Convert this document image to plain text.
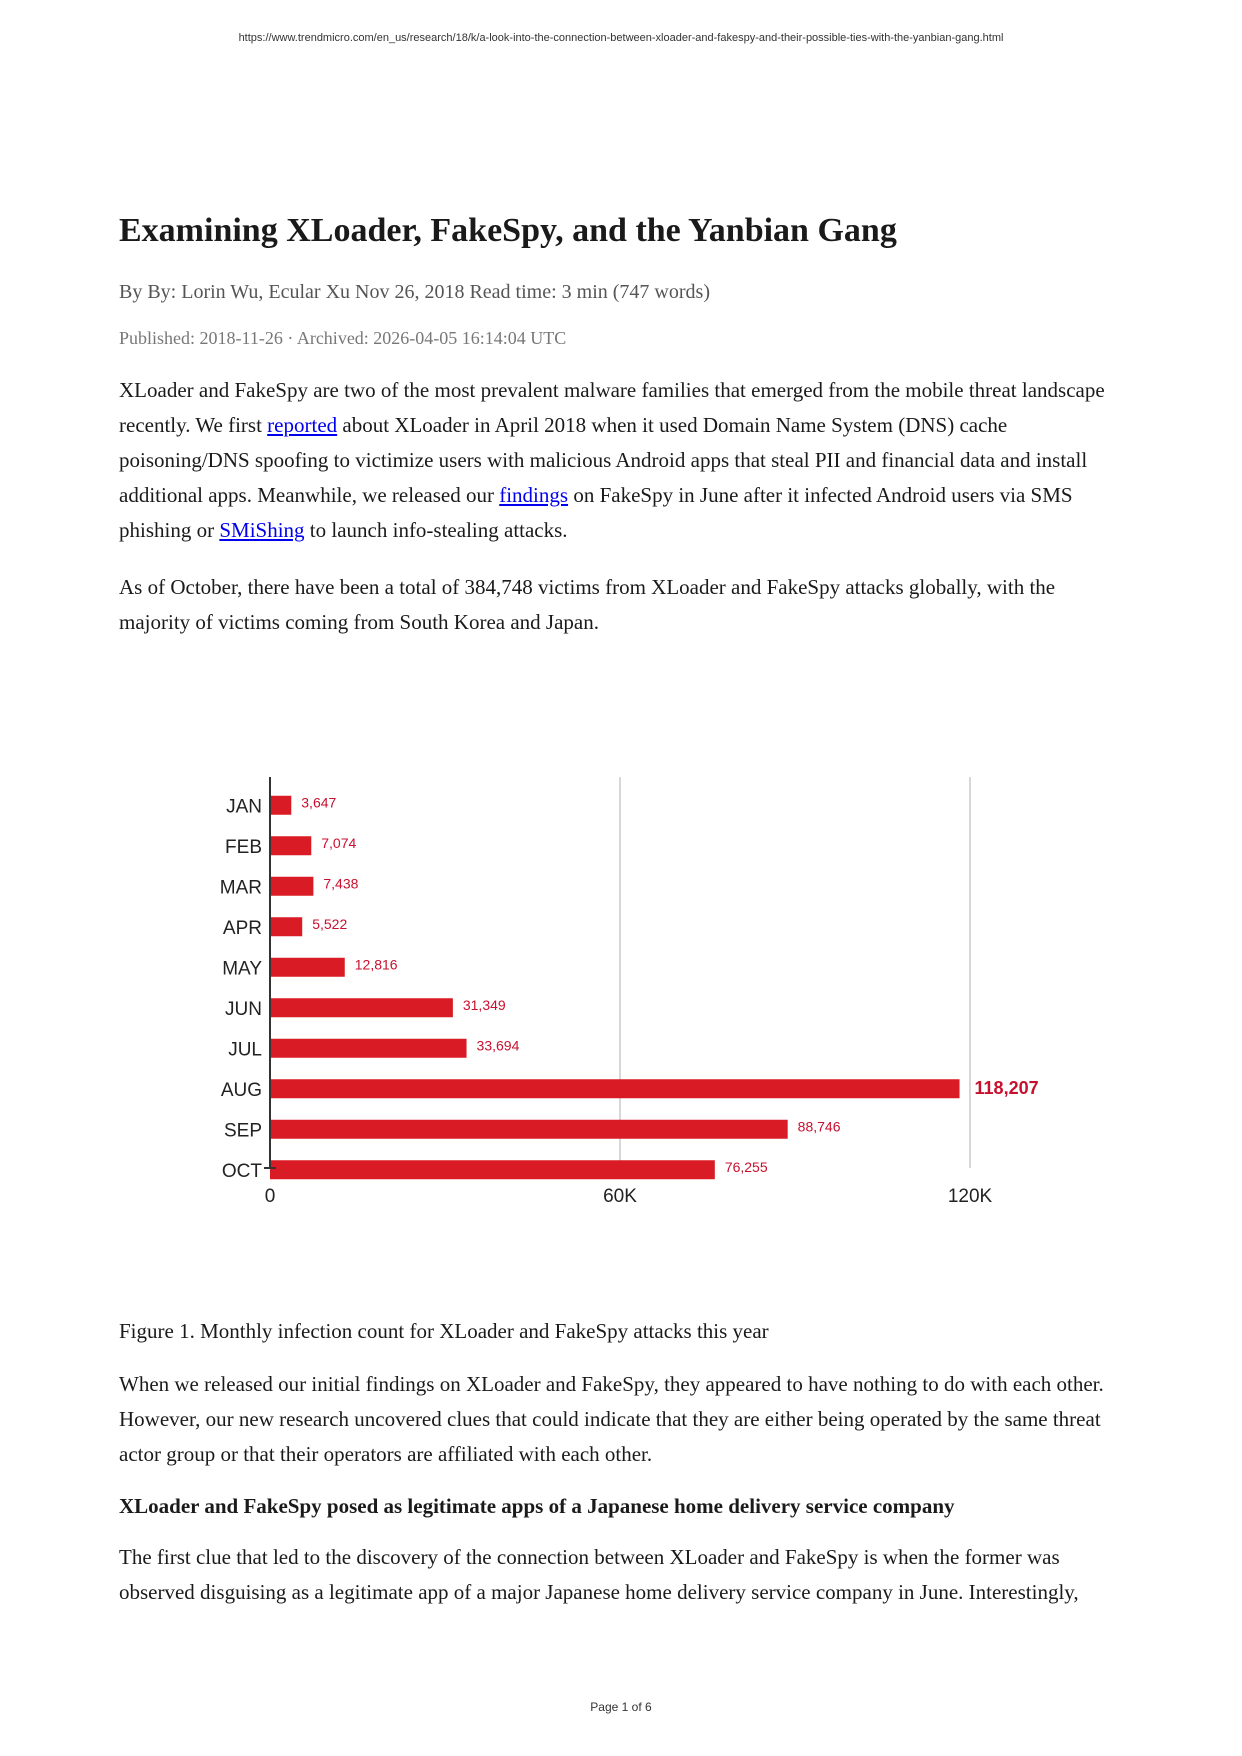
https://www.trendmicro.com/en_us/research/18/k/a-look-into-the-connection-between-xloader-and-fakespy-and-their-possible-ties-with-the-yanbian-gang.html
Examining XLoader, FakeSpy, and the Yanbian Gang
By By: Lorin Wu, Ecular Xu Nov 26, 2018 Read time: 3 min (747 words)
Published: 2018-11-26 · Archived: 2026-04-05 16:14:04 UTC

XLoader and FakeSpy are two of the most prevalent malware families that emerged from the mobile threat landscape recently. We first reported about XLoader in April 2018 when it used Domain Name System (DNS) cache poisoning/DNS spoofing to victimize users with malicious Android apps that steal PII and financial data and install additional apps. Meanwhile, we released our findings on FakeSpy in June after it infected Android users via SMS phishing or SMiShing to launch info-stealing attacks.

As of October, there have been a total of 384,748 victims from XLoader and FakeSpy attacks globally, with the majority of victims coming from South Korea and Japan.

JAN	3,647
FEB	7,074
MAR	7,438
APR	5,522
MAY	12,816
JUN	31,349
JUL	33,694
AUG	118,207
SEP	88,746
OCT	76,255
0	60K	120K
Figure 1. Monthly infection count for XLoader and FakeSpy attacks this year

When we released our initial findings on XLoader and FakeSpy, they appeared to have nothing to do with each other. However, our new research uncovered clues that could indicate that they are either being operated by the same threat actor group or that their operators are affiliated with each other.

XLoader and FakeSpy posed as legitimate apps of a Japanese home delivery service company

The first clue that led to the discovery of the connection between XLoader and FakeSpy is when the former was observed disguising as a legitimate app of a major Japanese home delivery service company in June. Interestingly,

Page 1 of 6
